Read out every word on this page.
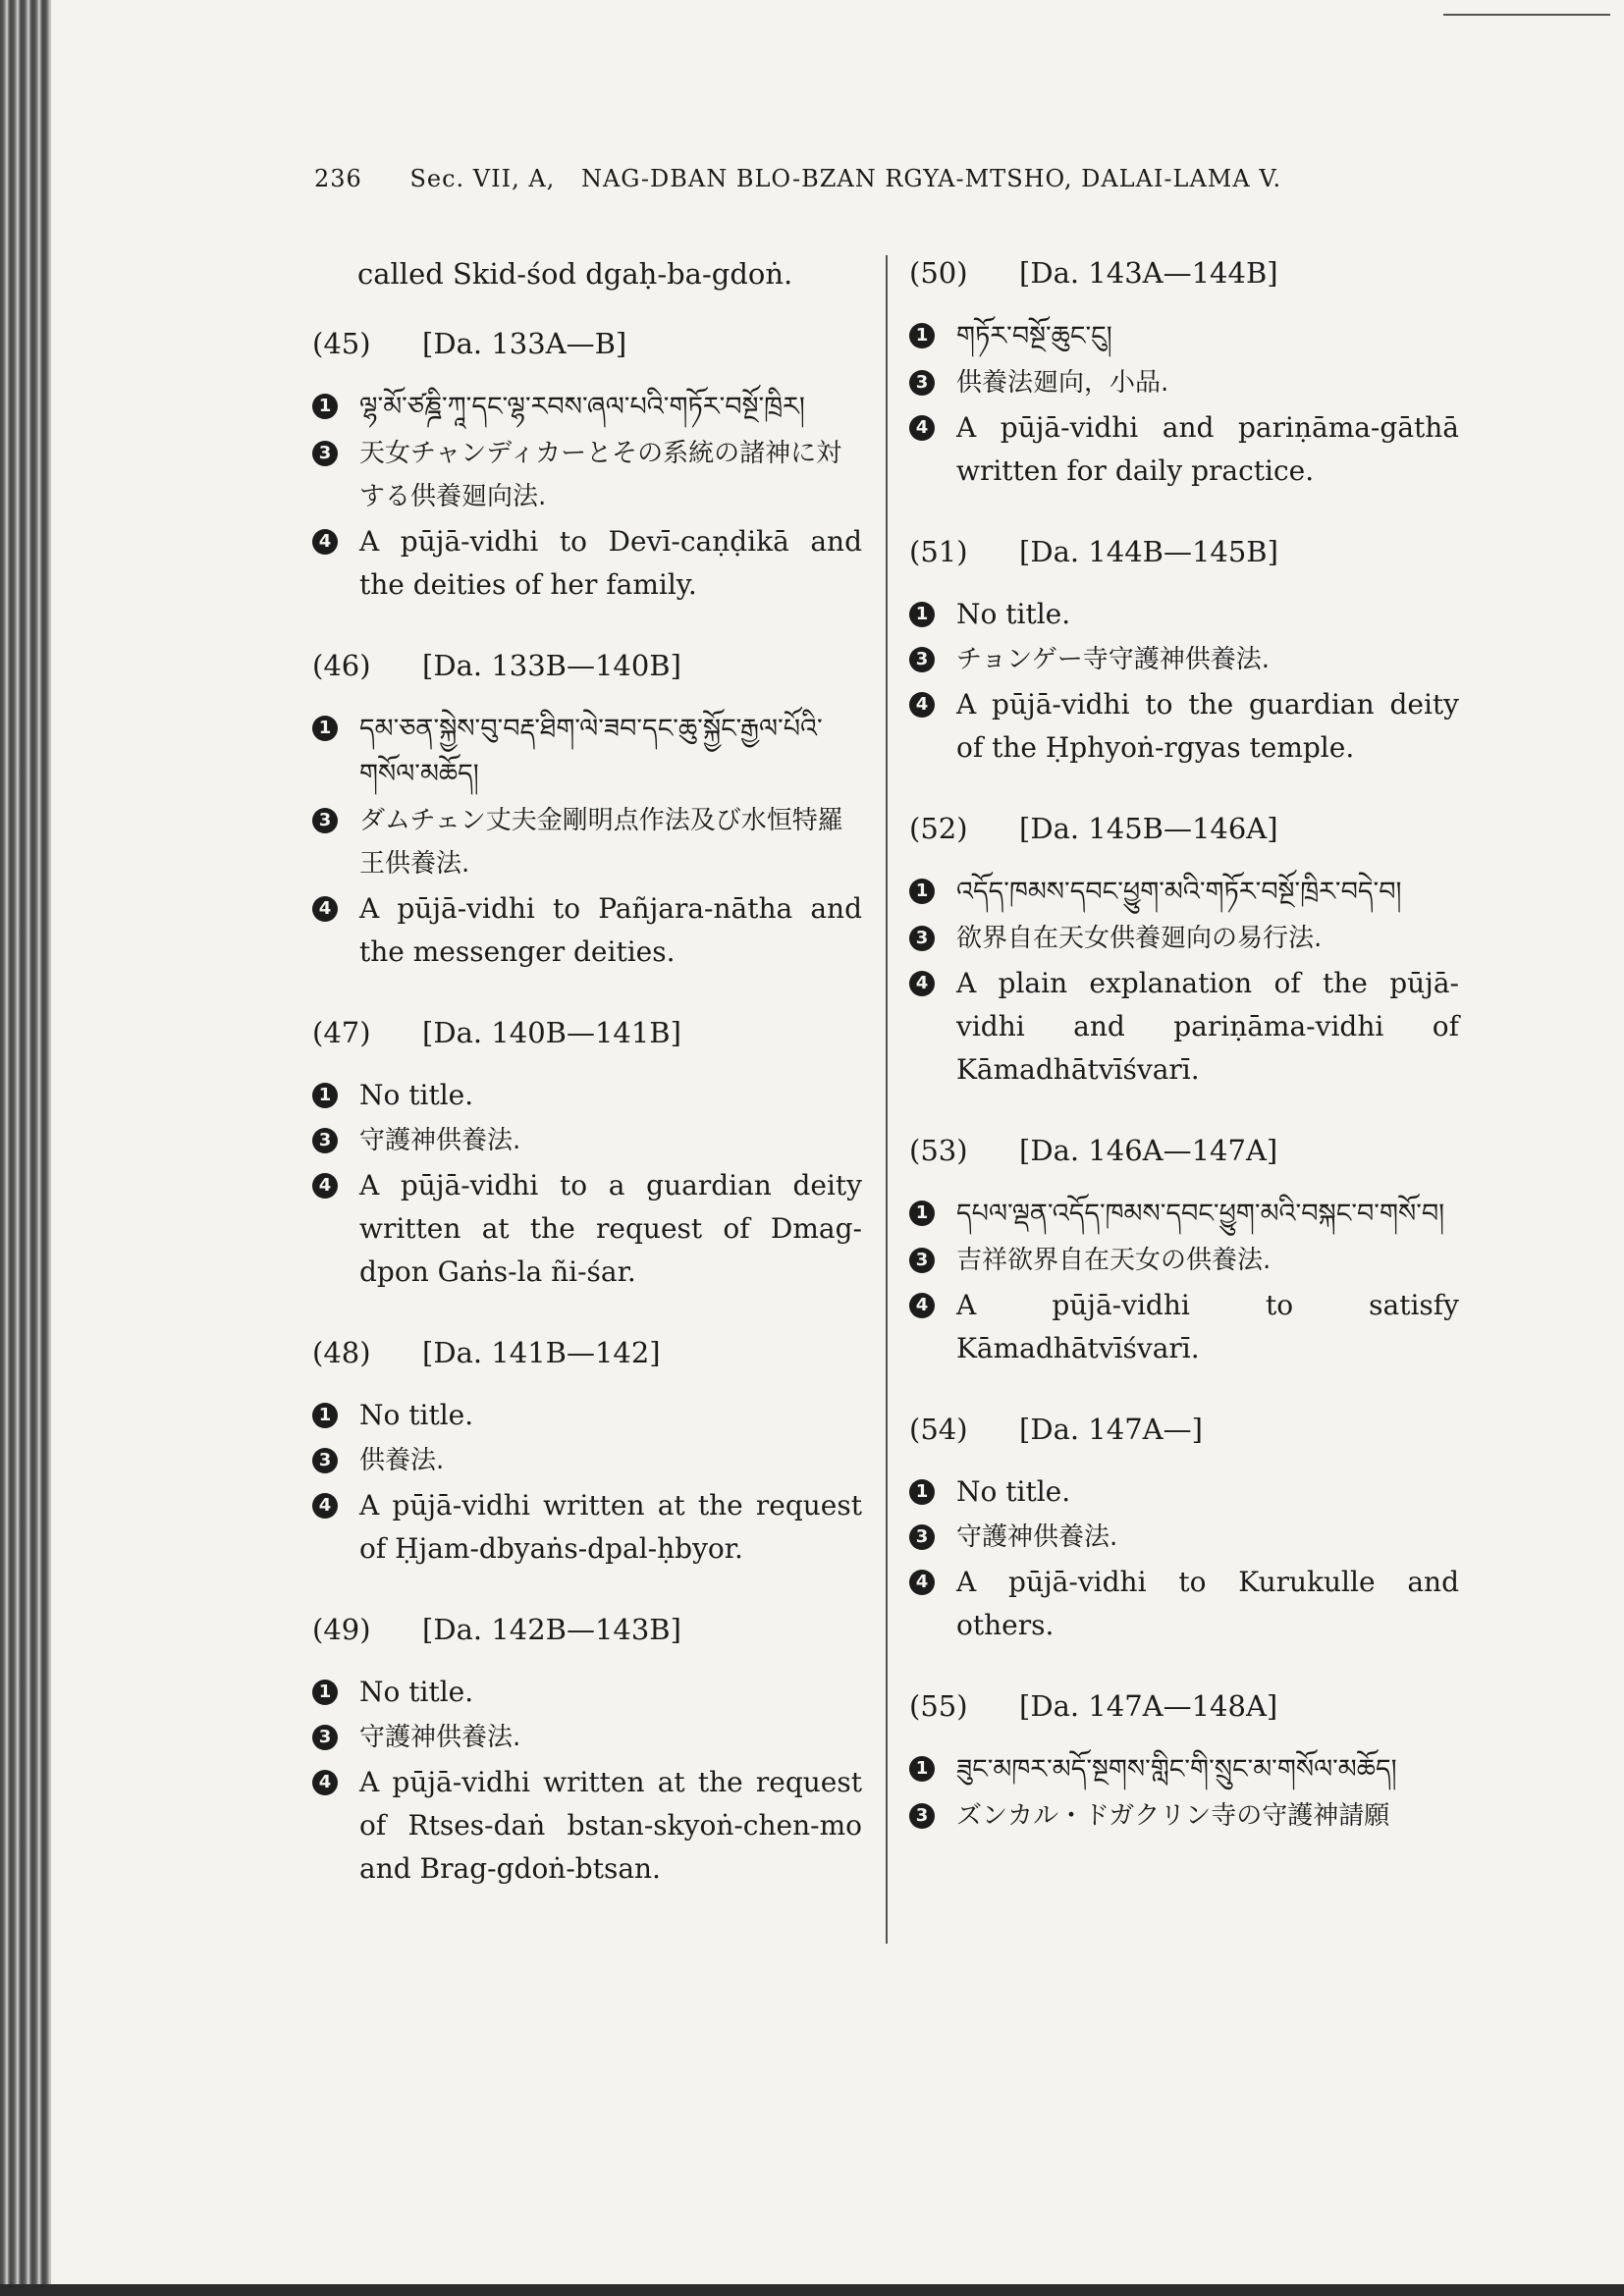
236 Sec. VII, A, NAG-DBAN BLO-BZAN RGYA-MTSHO, DALAI-LAMA V.
called Skid-śod dgaḥ-ba-gdoṅ.
(45) [Da. 133A—B]
1 ལྷ་མོ་ཙཎྜི་ཀཱ་དང་ལྷ་རབས་ཞལ་པའི་གཏོར་བསྔོ་ཁྲིར།
3 天女チャンディカーとその系統の諸神に対する供養廻向法.
4 A pūjā-vidhi to Devī-caṇḍikā and the deities of her family.
(46) [Da. 133B—140B]
1 དམ་ཅན་སྐྱེས་བུ་བརྡ་ཐིག་ལེ་ཟབ་དང་ཆུ་སྐྱོང་རྒྱལ་པོའི་གསོལ་མཆོད།
3 ダムチェン丈夫金剛明点作法及び水恒特羅王供養法.
4 A pūjā-vidhi to Pañjara-nātha and the messenger deities.
(47) [Da. 140B—141B]
1 No title.
3 守護神供養法.
4 A pūjā-vidhi to a guardian deity written at the request of Dmag-dpon Gaṅs-la ñi-śar.
(48) [Da. 141B—142]
1 No title.
3 供養法.
4 A pūjā-vidhi written at the request of Ḥjam-dbyaṅs-dpal-ḥbyor.
(49) [Da. 142B—143B]
1 No title.
3 守護神供養法.
4 A pūjā-vidhi written at the request of Rtses-daṅ bstan-skyoṅ-chen-mo and Brag-gdoṅ-btsan.
(50) [Da. 143A—144B]
1 གཏོར་བསྔོ་ཆུང་ངུ།
3 供養法廻向，小品.
4 A pūjā-vidhi and pariṇāma-gāthā written for daily practice.
(51) [Da. 144B—145B]
1 No title.
3 チョンゲー寺守護神供養法.
4 A pūjā-vidhi to the guardian deity of the Ḥphyoṅ-rgyas temple.
(52) [Da. 145B—146A]
1 འདོད་ཁམས་དབང་ཕྱུག་མའི་གཏོར་བསྔོ་ཁྲིར་བདེ་བ།
3 欲界自在天女供養廻向の易行法.
4 A plain explanation of the pūjā-vidhi and pariṇāma-vidhi of Kāmadhātvīśvarī.
(53) [Da. 146A—147A]
1 དཔལ་ལྡན་འདོད་ཁམས་དབང་ཕྱུག་མའི་བསྐང་བ་གསོ་བ།
3 吉祥欲界自在天女の供養法.
4 A pūjā-vidhi to satisfy Kāmadhātvīśvarī.
(54) [Da. 147A—]
1 No title.
3 守護神供養法.
4 A pūjā-vidhi to Kurukulle and others.
(55) [Da. 147A—148A]
1 ཟུང་མཁར་མདོ་སྔགས་གླིང་གི་སྲུང་མ་གསོལ་མཆོད།
3 ズンカル・ドガクリン寺の守護神請願
